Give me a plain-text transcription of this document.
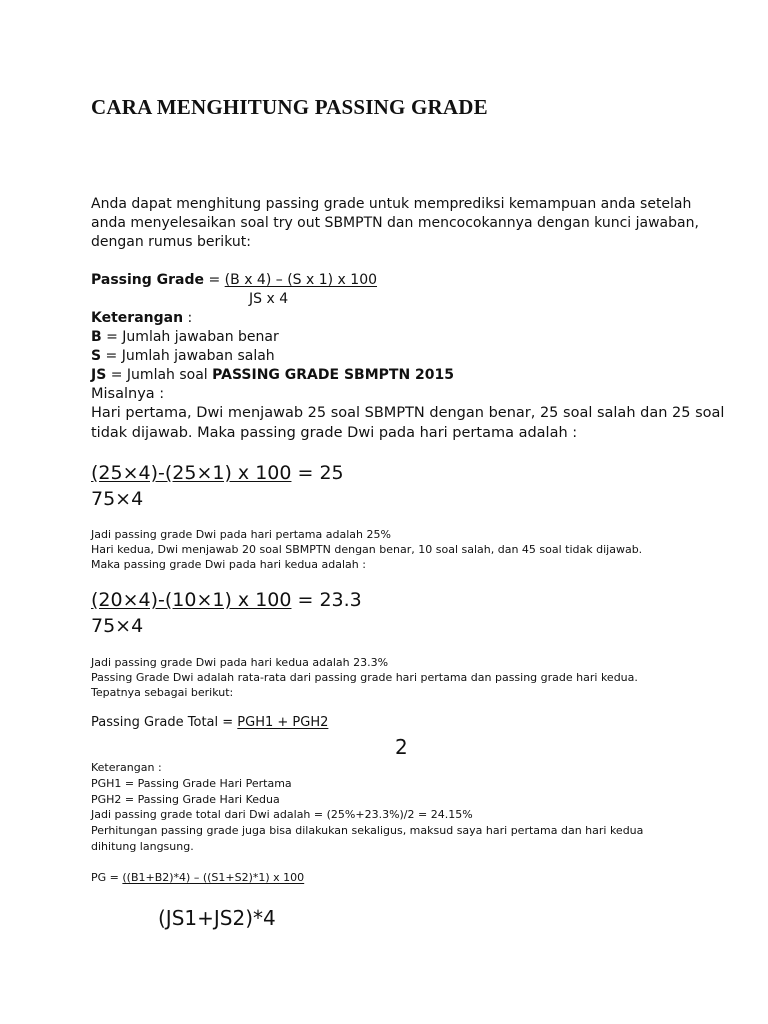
CARA MENGHITUNG PASSING GRADE
Anda dapat menghitung passing grade untuk memprediksi kemampuan anda setelah
anda menyelesaikan soal try out SBMPTN dan mencocokannya dengan kunci jawaban,
dengan rumus berikut:
Passing Grade = (B x 4) – (S x 1) x 100
JS x 4
Keterangan :
B = Jumlah jawaban benar
S = Jumlah jawaban salah
JS = Jumlah soal PASSING GRADE SBMPTN 2015
Misalnya :
Hari pertama, Dwi menjawab 25 soal SBMPTN dengan benar, 25 soal salah dan 25 soal
tidak dijawab. Maka passing grade Dwi pada hari pertama adalah :
(25×4)-(25×1) x 100 = 25
75×4
Jadi passing grade Dwi pada hari pertama adalah 25%
Hari kedua, Dwi menjawab 20 soal SBMPTN dengan benar, 10 soal salah, dan 45 soal tidak dijawab.
Maka passing grade Dwi pada hari kedua adalah :
(20×4)-(10×1) x 100 = 23.3
75×4
Jadi passing grade Dwi pada hari kedua adalah 23.3%
Passing Grade Dwi adalah rata-rata dari passing grade hari pertama dan passing grade hari kedua.
Tepatnya sebagai berikut:
Passing Grade Total = PGH1 + PGH2
2
Keterangan :
PGH1 = Passing Grade Hari Pertama
PGH2 = Passing Grade Hari Kedua
Jadi passing grade total dari Dwi adalah = (25%+23.3%)/2 = 24.15%
Perhitungan passing grade juga bisa dilakukan sekaligus, maksud saya hari pertama dan hari kedua
dihitung langsung.
PG = ((B1+B2)*4) – ((S1+S2)*1) x 100
(JS1+JS2)*4
